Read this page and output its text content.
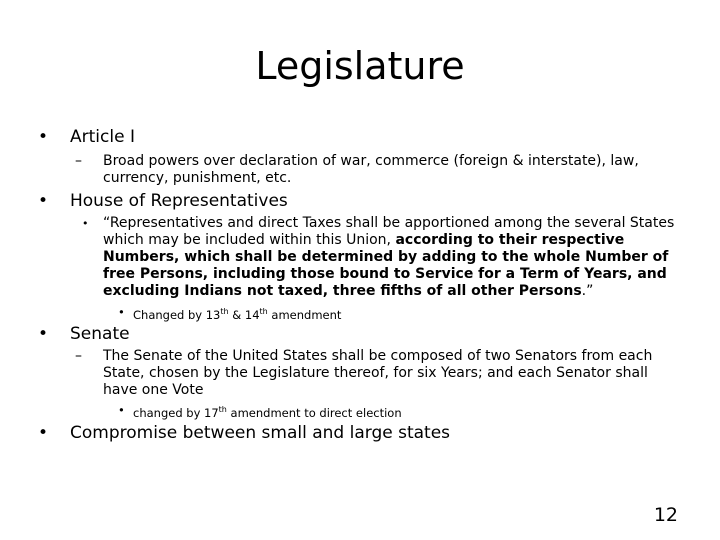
Legislature
• Article I
– Broad powers over declaration of war, commerce (foreign & interstate), law, currency, punishment, etc.
• House of Representatives
• “Representatives and direct Taxes shall be apportioned among the several States which may be included within this Union, according to their respective Numbers, which shall be determined by adding to the whole Number of free Persons, including those bound to Service for a Term of Years, and excluding Indians not taxed, three fifths of all other Persons.”
• Changed by 13th & 14th amendment
• Senate
– The Senate of the United States shall be composed of two Senators from each State, chosen by the Legislature thereof, for six Years; and each Senator shall have one Vote
• changed by 17th amendment to direct election
• Compromise between small and large states
12
